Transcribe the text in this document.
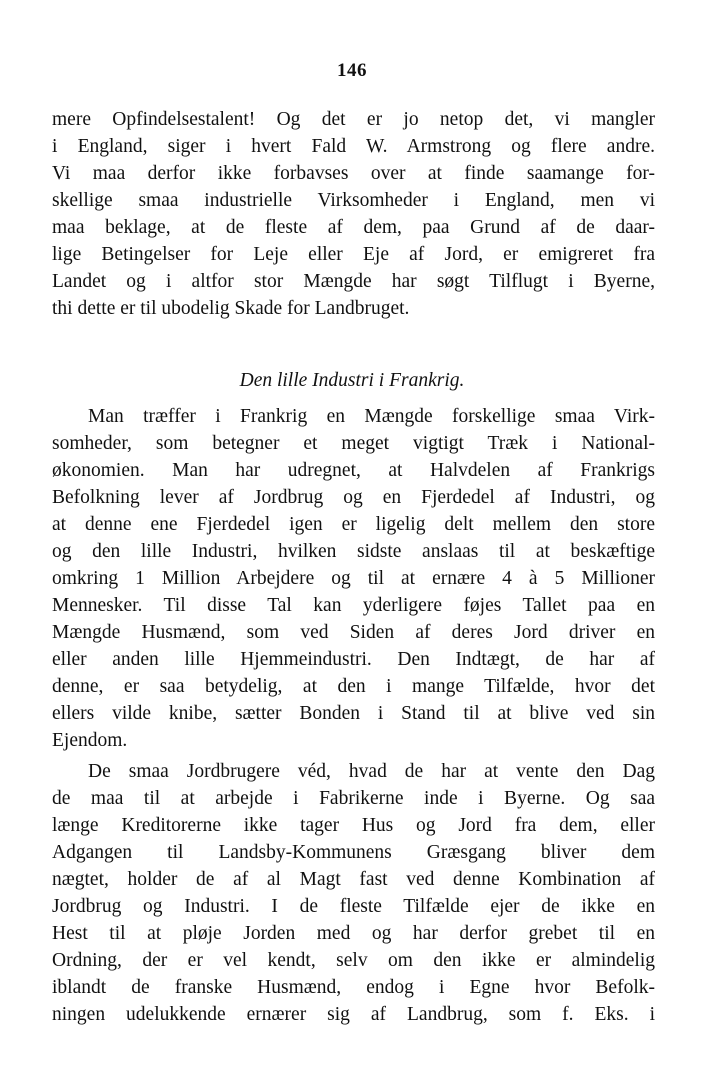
146
mere Opfindelsestalent! Og det er jo netop det, vi mangler
i England, siger i hvert Fald W. Armstrong og flere andre.
Vi maa derfor ikke forbavses over at finde saamange for-
skellige smaa industrielle Virksomheder i England, men vi
maa beklage, at de fleste af dem, paa Grund af de daar-
lige Betingelser for Leje eller Eje af Jord, er emigreret fra
Landet og i altfor stor Mængde har søgt Tilflugt i Byerne,
thi dette er til ubodelig Skade for Landbruget.
Den lille Industri i Frankrig.
Man træffer i Frankrig en Mængde forskellige smaa Virk-
somheder, som betegner et meget vigtigt Træk i National-
økonomien. Man har udregnet, at Halvdelen af Frankrigs
Befolkning lever af Jordbrug og en Fjerdedel af Industri, og
at denne ene Fjerdedel igen er ligelig delt mellem den store
og den lille Industri, hvilken sidste anslaas til at beskæftige
omkring 1 Million Arbejdere og til at ernære 4 à 5 Millioner
Mennesker. Til disse Tal kan yderligere føjes Tallet paa en
Mængde Husmænd, som ved Siden af deres Jord driver en
eller anden lille Hjemmeindustri. Den Indtægt, de har af
denne, er saa betydelig, at den i mange Tilfælde, hvor det
ellers vilde knibe, sætter Bonden i Stand til at blive ved sin
Ejendom.
De smaa Jordbrugere véd, hvad de har at vente den Dag
de maa til at arbejde i Fabrikerne inde i Byerne. Og saa
længe Kreditorerne ikke tager Hus og Jord fra dem, eller
Adgangen til Landsby-Kommunens Græsgang bliver dem
nægtet, holder de af al Magt fast ved denne Kombination af
Jordbrug og Industri. I de fleste Tilfælde ejer de ikke en
Hest til at pløje Jorden med og har derfor grebet til en
Ordning, der er vel kendt, selv om den ikke er almindelig
iblandt de franske Husmænd, endog i Egne hvor Befolk-
ningen udelukkende ernærer sig af Landbrug, som f. Eks. i
